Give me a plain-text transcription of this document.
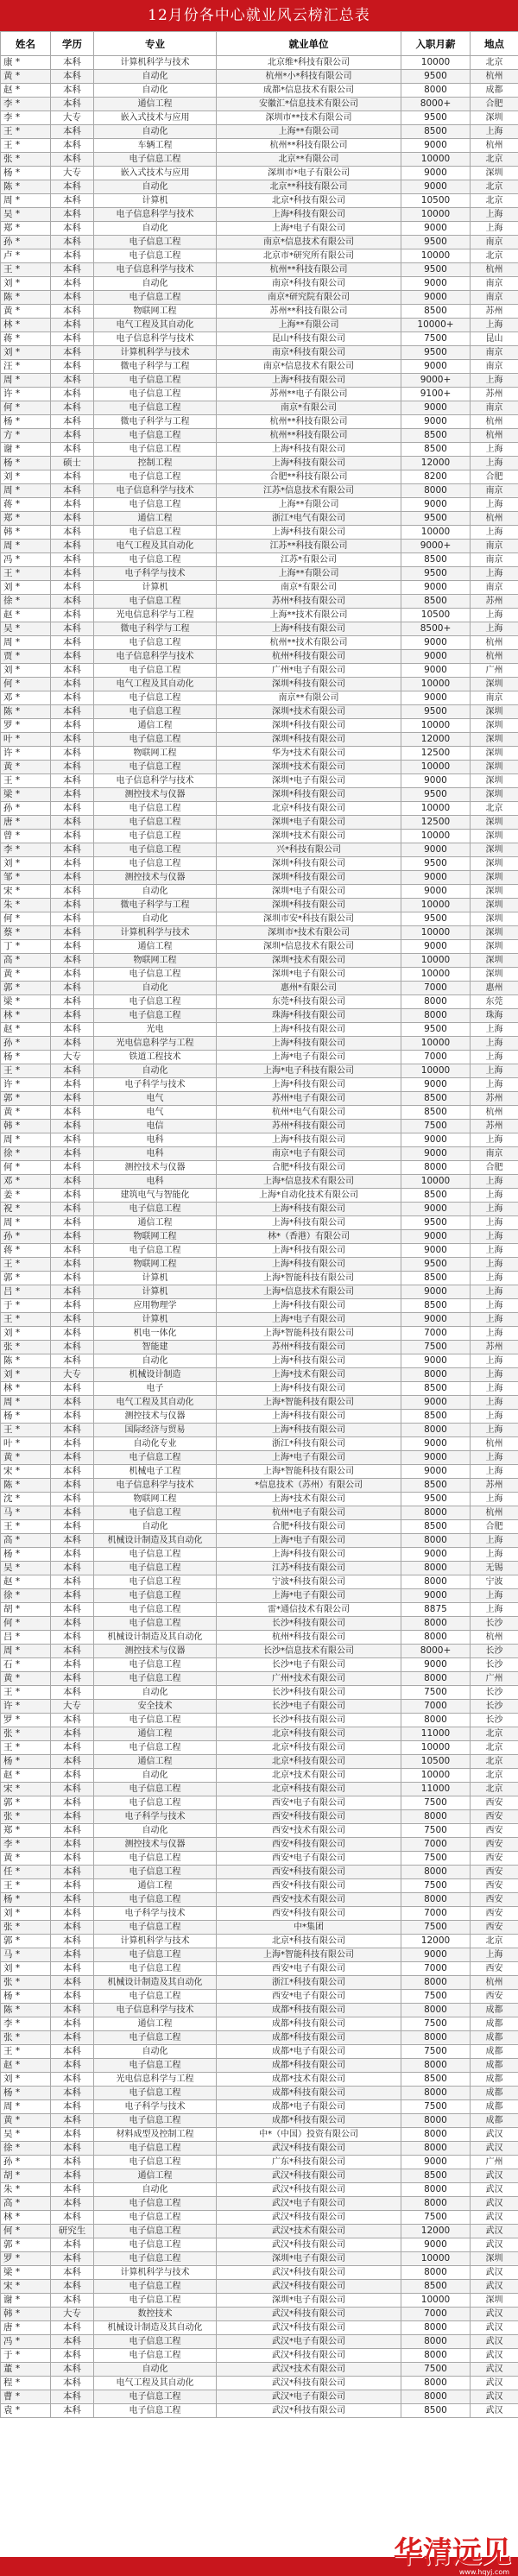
12月份各中心就业风云榜汇总表
姓名	学历	专业	就业单位	入职月薪	地点
康 *	本科	计算机科学与技术	北京维*科技有限公司	10000	北京
黄 *	本科	自动化	杭州*小*科技有限公司	9500	杭州
赵 *	本科	自动化	成都*信息技术有限公司	8000	成都
李 *	本科	通信工程	安徽汇*信息技术有限公司	8000+	合肥
李 *	大专	嵌入式技术与应用	深圳市**技术有限公司	9500	深圳
王 *	本科	自动化	上海**有限公司	8500	上海
王 *	本科	车辆工程	杭州**科技有限公司	9000	杭州
张 *	本科	电子信息工程	北京**有限公司	10000	北京
杨 *	大专	嵌入式技术与应用	深圳市*电子有限公司	9000	深圳
陈 *	本科	自动化	北京**科技有限公司	9000	北京
周 *	本科	计算机	北京*科技有限公司	10500	北京
吴 *	本科	电子信息科学与技术	上海*科技有限公司	10000	上海
郑 *	本科	自动化	上海*电子有限公司	9000	上海
孙 *	本科	电子信息工程	南京*信息技术有限公司	9500	南京
卢 *	本科	电子信息工程	北京市*研究所有限公司	10000	北京
王 *	本科	电子信息科学与技术	杭州**科技有限公司	9500	杭州
刘 *	本科	自动化	南京*科技有限公司	9000	南京
陈 *	本科	电子信息工程	南京*研究院有限公司	9000	南京
黄 *	本科	物联网工程	苏州**科技有限公司	8500	苏州
林 *	本科	电气工程及其自动化	上海**有限公司	10000+	上海
蒋 *	本科	电子信息科学与技术	昆山*科技有限公司	7500	昆山
刘 *	本科	计算机科学与技术	南京*科技有限公司	9500	南京
汪 *	本科	微电子科学与工程	南京*信息技术有限公司	9000	南京
周 *	本科	电子信息工程	上海*科技有限公司	9000+	上海
许 *	本科	电子信息工程	苏州**电子有限公司	9100+	苏州
何 *	本科	电子信息工程	南京*有限公司	9000	南京
杨 *	本科	微电子科学与工程	杭州**科技有限公司	9000	杭州
方 *	本科	电子信息工程	杭州**科技有限公司	8500	杭州
谢 *	本科	电子信息工程	上海*科技有限公司	8500	上海
杨 *	硕士	控制工程	上海*科技有限公司	12000	上海
刘 *	本科	电子信息工程	合肥**科技有限公司	8200	合肥
周 *	本科	电子信息科学与技术	江苏*信息技术有限公司	8000	南京
蒋 *	本科	电子信息工程	上海**有限公司	9000	上海
郑 *	本科	通信工程	浙江*电气有限公司	9500	杭州
韩 *	本科	电子信息工程	上海*科技有限公司	10000	上海
周 *	本科	电气工程及其自动化	江苏**科技有限公司	9000+	南京
冯 *	本科	电子信息工程	江苏*有限公司	8500	南京
王 *	本科	电子科学与技术	上海**有限公司	9500	上海
刘 *	本科	计算机	南京*有限公司	9000	南京
徐 *	本科	电子信息工程	苏州*科技有限公司	8500	苏州
赵 *	本科	光电信息科学与工程	上海**技术有限公司	10500	上海
吴 *	本科	微电子科学与工程	上海*科技有限公司	8500+	上海
周 *	本科	电子信息工程	杭州**技术有限公司	9000	杭州
贾 *	本科	电子信息科学与技术	杭州*科技有限公司	9000	杭州
刘 *	本科	电子信息工程	广州*电子有限公司	9000	广州
何 *	本科	电气工程及其自动化	深圳*科技有限公司	10000	深圳
邓 *	本科	电子信息工程	南京**有限公司	9000	南京
陈 *	本科	电子信息工程	深圳*技术有限公司	9500	深圳
罗 *	本科	通信工程	深圳*科技有限公司	10000	深圳
叶 *	本科	电子信息工程	深圳*科技有限公司	12000	深圳
许 *	本科	物联网工程	华为*技术有限公司	12500	深圳
黄 *	本科	电子信息工程	深圳*技术有限公司	10000	深圳
王 *	本科	电子信息科学与技术	深圳*电子有限公司	9000	深圳
梁 *	本科	测控技术与仪器	深圳*科技有限公司	9500	深圳
孙 *	本科	电子信息工程	北京*科技有限公司	10000	北京
唐 *	本科	电子信息工程	深圳*电子有限公司	12500	深圳
曾 *	本科	电子信息工程	深圳*技术有限公司	10000	深圳
李 *	本科	电子信息工程	兴*科技有限公司	9000	深圳
刘 *	本科	电子信息工程	深圳*科技有限公司	9500	深圳
邹 *	本科	测控技术与仪器	深圳*科技有限公司	9000	深圳
宋 *	本科	自动化	深圳*电子有限公司	9000	深圳
朱 *	本科	微电子科学与工程	深圳*科技有限公司	10000	深圳
何 *	本科	自动化	深圳市安*科技有限公司	9500	深圳
蔡 *	本科	计算机科学与技术	深圳市*技术有限公司	10000	深圳
丁 *	本科	通信工程	深圳*信息技术有限公司	9000	深圳
高 *	本科	物联网工程	深圳*技术有限公司	10000	深圳
黄 *	本科	电子信息工程	深圳*电子有限公司	10000	深圳
郭 *	本科	自动化	惠州*有限公司	7000	惠州
梁 *	本科	电子信息工程	东莞*科技有限公司	8000	东莞
林 *	本科	电子信息工程	珠海*科技有限公司	8000	珠海
赵 *	本科	光电	上海*科技有限公司	9500	上海
孙 *	本科	光电信息科学与工程	上海*科技有限公司	10000	上海
杨 *	大专	铁道工程技术	上海*电子有限公司	7000	上海
王 *	本科	自动化	上海*电子科技有限公司	10000	上海
许 *	本科	电子科学与技术	上海*科技有限公司	9000	上海
郭 *	本科	电气	苏州*电子有限公司	8500	苏州
黄 *	本科	电气	杭州*电气有限公司	8500	杭州
韩 *	本科	电信	苏州*科技有限公司	7500	苏州
周 *	本科	电科	上海*科技有限公司	9000	上海
徐 *	本科	电科	南京*电子有限公司	9000	南京
何 *	本科	测控技术与仪器	合肥*科技有限公司	8000	合肥
邓 *	本科	电科	上海*信息技术有限公司	10000	上海
姜 *	本科	建筑电气与智能化	上海*自动化技术有限公司	8500	上海
祝 *	本科	电子信息工程	上海*科技有限公司	9000	上海
周 *	本科	通信工程	上海*科技有限公司	9500	上海
孙 *	本科	物联网工程	林*（香港）有限公司	9000	上海
蒋 *	本科	电子信息工程	上海*科技有限公司	9000	上海
王 *	本科	物联网工程	上海*科技有限公司	9500	上海
郭 *	本科	计算机	上海*智能科技有限公司	8500	上海
吕 *	本科	计算机	上海*信息技术有限公司	9000	上海
于 *	本科	应用物理学	上海*科技有限公司	8500	上海
王 *	本科	计算机	上海*电子有限公司	9000	上海
刘 *	本科	机电一体化	上海*智能科技有限公司	7000	上海
张 *	本科	智能建	苏州*科技有限公司	7500	苏州
陈 *	本科	自动化	上海*科技有限公司	9000	上海
刘 *	大专	机械设计制造	上海*技术有限公司	8000	上海
林 *	本科	电子	上海*科技有限公司	8500	上海
周 *	本科	电气工程及其自动化	上海*智能科技有限公司	9000	上海
杨 *	本科	测控技术与仪器	上海*科技有限公司	8500	上海
王 *	本科	国际经济与贸易	上海*科技有限公司	8000	上海
叶 *	本科	自动化专业	浙江*科技有限公司	9000	杭州
黄 *	本科	电子信息工程	上海*电子有限公司	9000	上海
宋 *	本科	机械电子工程	上海*智能科技有限公司	9000	上海
陈 *	本科	电子信息科学与技术	*信息技术（苏州）有限公司	8500	苏州
沈 *	本科	物联网工程	上海*技术有限公司	9500	上海
马 *	本科	电子信息工程	杭州*电子有限公司	8000	杭州
王 *	本科	自动化	合肥*科技有限公司	8500	合肥
高 *	本科	机械设计制造及其自动化	上海*电子有限公司	8000	上海
杨 *	本科	电子信息工程	上海*科技有限公司	9000	上海
吴 *	本科	电子信息工程	江苏*科技有限公司	8000	无锡
赵 *	本科	电子信息工程	宁波*科技有限公司	8000	宁波
徐 *	本科	电子信息工程	上海*电子有限公司	9000	上海
胡 *	本科	电子信息工程	雷*通信技术有限公司	8875	上海
何 *	本科	电子信息工程	长沙*科技有限公司	8000	长沙
吕 *	本科	机械设计制造及其自动化	杭州*科技有限公司	8000	杭州
周 *	本科	测控技术与仪器	长沙*信息技术有限公司	8000+	长沙
石 *	本科	电子信息工程	长沙*电子有限公司	9000	长沙
黄 *	本科	电子信息工程	广州*技术有限公司	8000	广州
王 *	本科	自动化	长沙*科技有限公司	7500	长沙
许 *	大专	安全技术	长沙*电子有限公司	7000	长沙
罗 *	本科	电子信息工程	长沙*科技有限公司	8000	长沙
张 *	本科	通信工程	北京*科技有限公司	11000	北京
王 *	本科	电子信息工程	北京*科技有限公司	10000	北京
杨 *	本科	通信工程	北京*科技有限公司	10500	北京
赵 *	本科	自动化	北京*技术有限公司	10000	北京
宋 *	本科	电子信息工程	北京*科技有限公司	11000	北京
郭 *	本科	电子信息工程	西安*电子有限公司	7500	西安
张 *	本科	电子科学与技术	西安*科技有限公司	8000	西安
郑 *	本科	自动化	西安*技术有限公司	7500	西安
李 *	本科	测控技术与仪器	西安*科技有限公司	7000	西安
黄 *	本科	电子信息工程	西安*电子有限公司	7500	西安
任 *	本科	电子信息工程	西安*科技有限公司	8000	西安
王 *	本科	通信工程	西安*科技有限公司	7500	西安
杨 *	本科	电子信息工程	西安*技术有限公司	8000	西安
刘 *	本科	电子科学与技术	西安*科技有限公司	7000	西安
张 *	本科	电子信息工程	中*集团	7500	西安
郭 *	本科	计算机科学与技术	北京*科技有限公司	12000	北京
马 *	本科	电子信息工程	上海*智能科技有限公司	9000	上海
刘 *	本科	电子信息工程	西安*电子有限公司	7000	西安
张 *	本科	机械设计制造及其自动化	浙江*科技有限公司	8000	杭州
杨 *	本科	电子信息工程	西安*电子有限公司	7500	西安
陈 *	本科	电子信息科学与技术	成都*科技有限公司	8000	成都
李 *	本科	通信工程	成都*科技有限公司	7500	成都
张 *	本科	电子信息工程	成都*科技有限公司	8000	成都
王 *	本科	自动化	成都*电子有限公司	7500	成都
赵 *	本科	电子信息工程	成都*科技有限公司	8000	成都
刘 *	本科	光电信息科学与工程	成都*技术有限公司	8500	成都
杨 *	本科	电子信息工程	成都*科技有限公司	8000	成都
周 *	本科	电子科学与技术	成都*电子有限公司	7500	成都
黄 *	本科	电子信息工程	成都*科技有限公司	8000	成都
吴 *	本科	材料成型及控制工程	中*（中国）投资有限公司	8000	武汉
徐 *	本科	电子信息工程	武汉*科技有限公司	8000	武汉
孙 *	本科	电子信息工程	广东*科技有限公司	9000	广州
胡 *	本科	通信工程	武汉*科技有限公司	8500	武汉
朱 *	本科	自动化	武汉*科技有限公司	8000	武汉
高 *	本科	电子信息工程	武汉*电子有限公司	8000	武汉
林 *	本科	电子信息工程	武汉*科技有限公司	7500	武汉
何 *	研究生	电子信息工程	武汉*技术有限公司	12000	武汉
郭 *	本科	电子信息工程	武汉*科技有限公司	9000	武汉
罗 *	本科	电子信息工程	深圳*电子有限公司	10000	深圳
梁 *	本科	计算机科学与技术	武汉*科技有限公司	8000	武汉
宋 *	本科	电子信息工程	武汉*科技有限公司	8500	武汉
谢 *	本科	电子信息工程	深圳*电子有限公司	10000	深圳
韩 *	大专	数控技术	武汉*科技有限公司	7000	武汉
唐 *	本科	机械设计制造及其自动化	武汉*科技有限公司	8000	武汉
冯 *	本科	电子信息工程	武汉*电子有限公司	8000	武汉
于 *	本科	电子信息工程	武汉*科技有限公司	8000	武汉
董 *	本科	自动化	武汉*技术有限公司	7500	武汉
程 *	本科	电气工程及其自动化	武汉*科技有限公司	8000	武汉
曹 *	本科	电子信息工程	武汉*电子有限公司	8000	武汉
袁 *	本科	电子信息工程	武汉*科技有限公司	8500	武汉
华清远见
www.hqyj.com
